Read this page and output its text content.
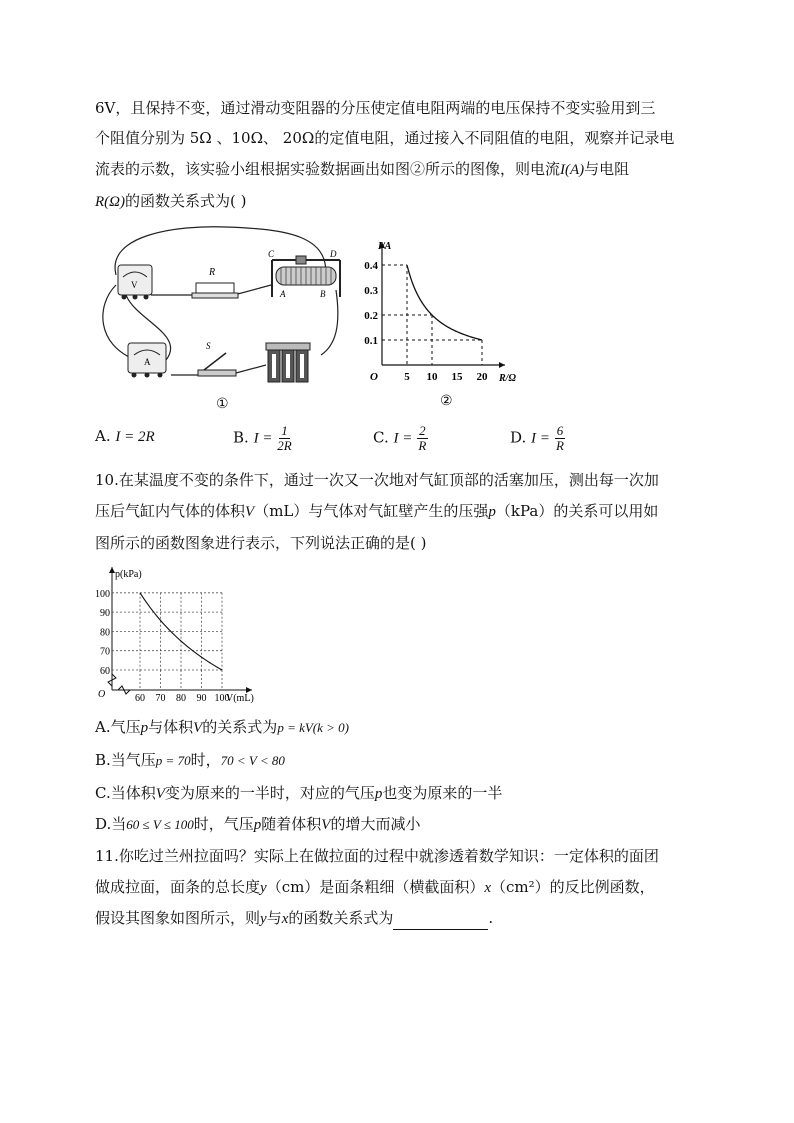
6V，且保持不变，通过滑动变阻器的分压使定值电阻两端的电压保持不变实验用到三
个阻值分别为 5Ω 、10Ω、 20Ω的定值电阻，通过接入不同阻值的电阻，观察并记录电
流表的示数，该实验小组根据实验数据画出如图②所示的图像，则电流I(A)与电阻
R(Ω)的函数关系式为( )
V
R
C	D
A	B
A
S
①
I/A
R/Ω
O 5 10 15 20
0.1
0.2
0.3
0.4
②
A. I = 2R	B. $I = \frac{1}{2R}$	C. $I = \frac{2}{R}$	D. $I = \frac{6}{R}$
10.在某温度不变的条件下，通过一次又一次地对气缸顶部的活塞加压，测出每一次加
压后气缸内气体的体积V（mL）与气体对气缸壁产生的压强p（kPa）的关系可以用如
图所示的函数图象进行表示，下列说法正确的是( )
p(kPa)
V(mL)
O	60 70 80 90 100
60
70
80
90
100
A.气压p与体积V的关系式为p = kV(k > 0)
B.当气压p = 70时，70 < V < 80
C.当体积V变为原来的一半时，对应的气压p也变为原来的一半
D.当60 ≤ V ≤ 100时，气压p随着体积V的增大而减小
11.你吃过兰州拉面吗？实际上在做拉面的过程中就渗透着数学知识：一定体积的面团
做成拉面，面条的总长度y（cm）是面条粗细（横截面积）x（cm²）的反比例函数，
假设其图象如图所示，则y与x的函数关系式为	.
